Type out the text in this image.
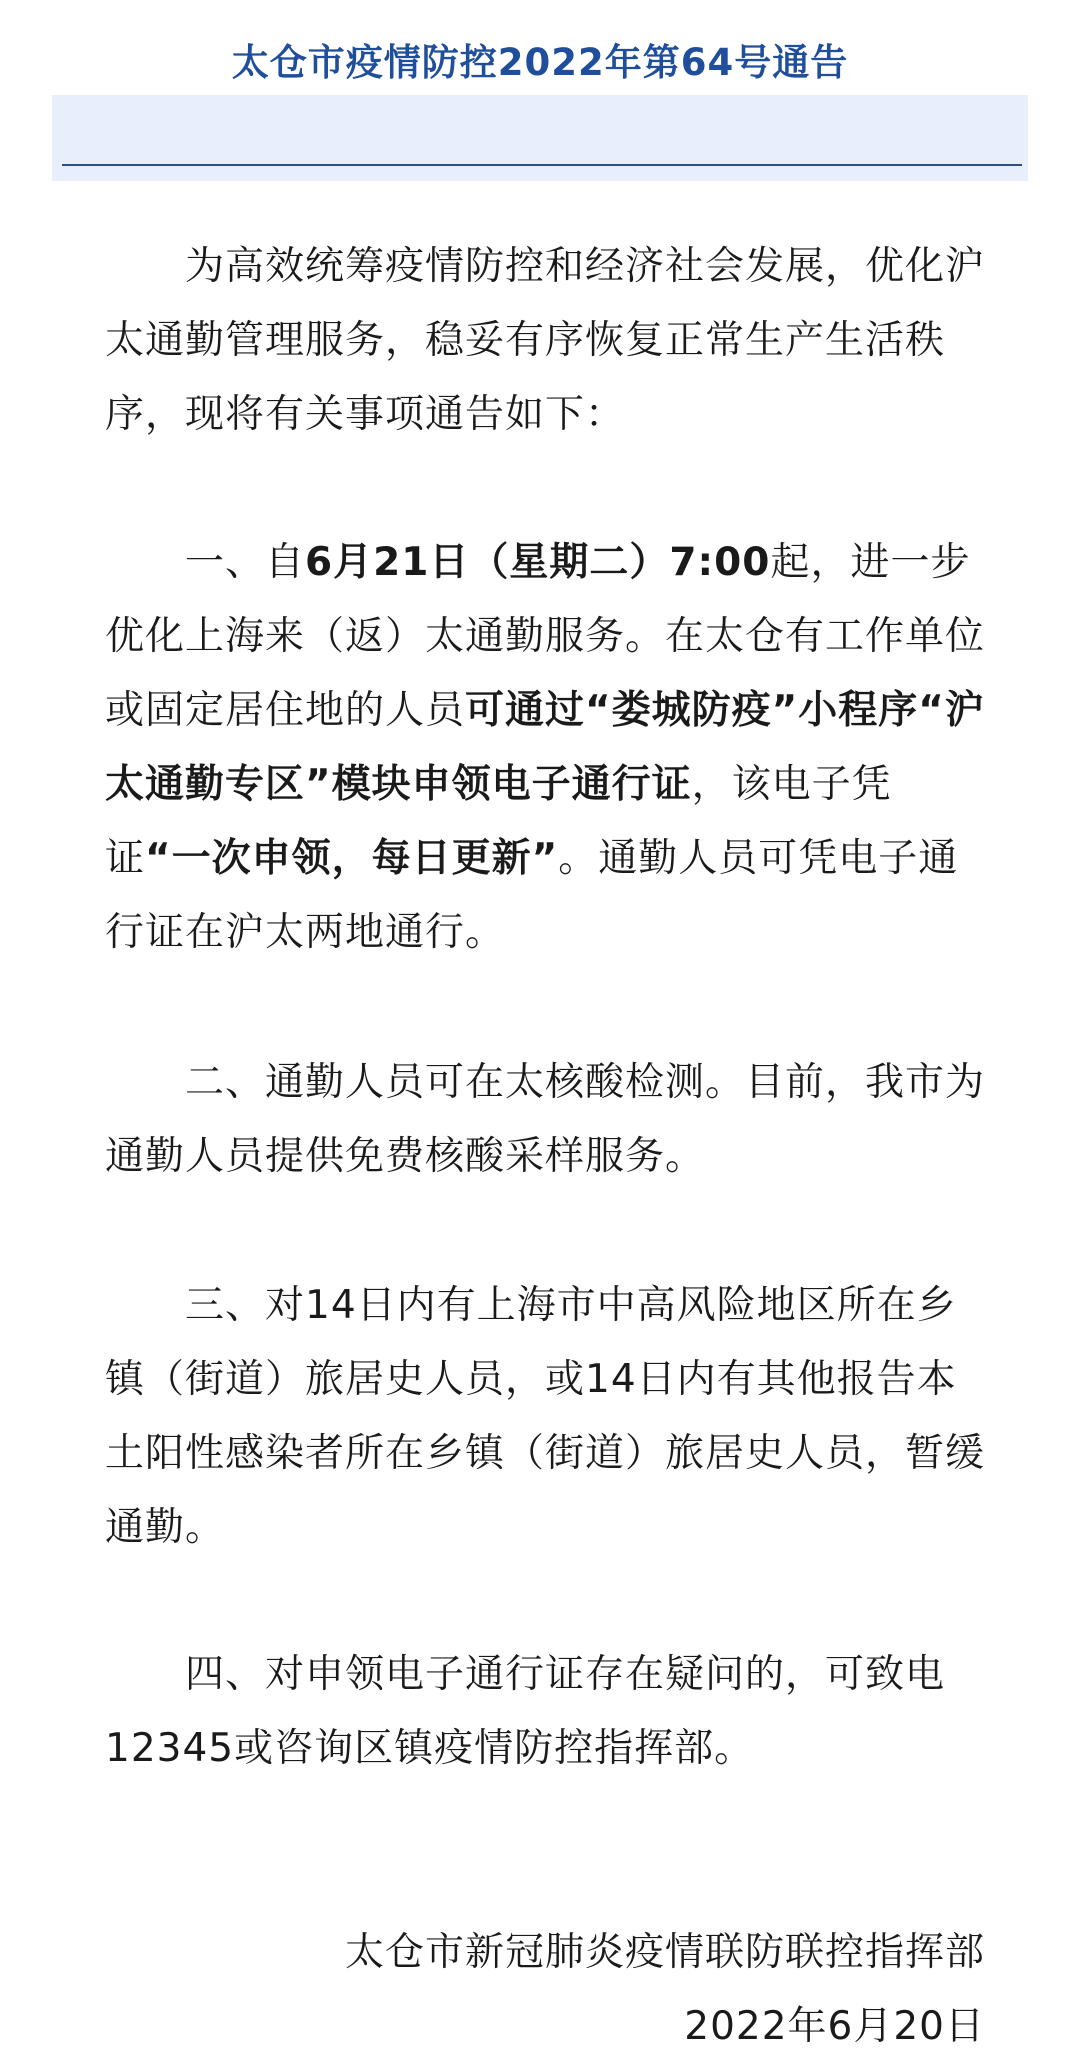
太仓市疫情防控2022年第64号通告

为高效统筹疫情防控和经济社会发展，优化沪太通勤管理服务，稳妥有序恢复正常生产生活秩序，现将有关事项通告如下：

一、自6月21日（星期二）7:00起，进一步优化上海来（返）太通勤服务。在太仓有工作单位或固定居住地的人员可通过“娄城防疫”小程序“沪太通勤专区”模块申领电子通行证，该电子凭证“一次申领，每日更新”。通勤人员可凭电子通行证在沪太两地通行。

二、通勤人员可在太核酸检测。目前，我市为通勤人员提供免费核酸采样服务。

三、对14日内有上海市中高风险地区所在乡镇（街道）旅居史人员，或14日内有其他报告本土阳性感染者所在乡镇（街道）旅居史人员，暂缓通勤。

四、对申领电子通行证存在疑问的，可致电12345或咨询区镇疫情防控指挥部。

太仓市新冠肺炎疫情联防联控指挥部
2022年6月20日
